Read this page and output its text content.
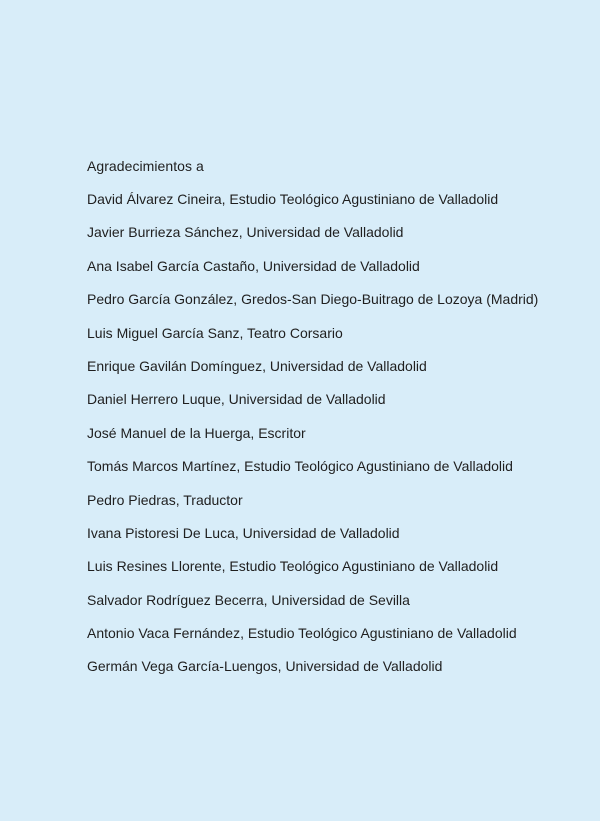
Agradecimientos a
David Álvarez Cineira, Estudio Teológico Agustiniano de Valladolid
Javier Burrieza Sánchez, Universidad de Valladolid
Ana Isabel García Castaño, Universidad de Valladolid
Pedro García González, Gredos-San Diego-Buitrago de Lozoya (Madrid)
Luis Miguel García Sanz, Teatro Corsario
Enrique Gavilán Domínguez, Universidad de Valladolid
Daniel Herrero Luque, Universidad de Valladolid
José Manuel de la Huerga, Escritor
Tomás Marcos Martínez, Estudio Teológico Agustiniano de Valladolid
Pedro Piedras, Traductor
Ivana Pistoresi De Luca, Universidad de Valladolid
Luis Resines Llorente, Estudio Teológico Agustiniano de Valladolid
Salvador Rodríguez Becerra, Universidad de Sevilla
Antonio Vaca Fernández, Estudio Teológico Agustiniano de Valladolid
Germán Vega García-Luengos, Universidad de Valladolid
